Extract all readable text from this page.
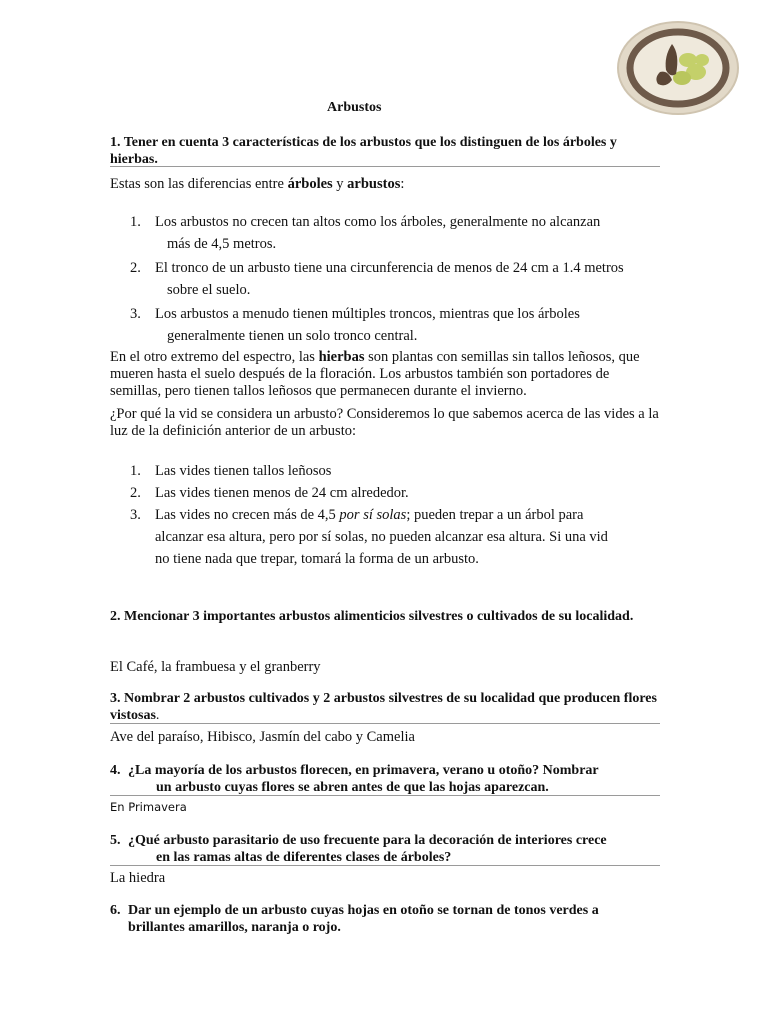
Arbustos
1. Tener en cuenta 3 características de los arbustos que los distinguen de los árboles y hierbas.
Estas son las diferencias entre árboles y arbustos:
1. Los arbustos no crecen tan altos como los árboles, generalmente no alcanzan
más de 4,5 metros.
2. El tronco de un arbusto tiene una circunferencia de menos de 24 cm a 1.4 metros
sobre el suelo.
3. Los arbustos a menudo tienen múltiples troncos, mientras que los árboles
generalmente tienen un solo tronco central.
En el otro extremo del espectro, las hierbas son plantas con semillas sin tallos leñosos, que mueren hasta el suelo después de la floración. Los arbustos también son portadores de semillas, pero tienen tallos leñosos que permanecen durante el invierno.
¿Por qué la vid se considera un arbusto? Consideremos lo que sabemos acerca de las vides a la luz de la definición anterior de un arbusto:
1. Las vides tienen tallos leñosos
2. Las vides tienen menos de 24 cm alrededor.
3. Las vides no crecen más de 4,5 por sí solas; pueden trepar a un árbol para
alcanzar esa altura, pero por sí solas, no pueden alcanzar esa altura. Si una vid
no tiene nada que trepar, tomará la forma de un arbusto.
2. Mencionar 3 importantes arbustos alimenticios silvestres o cultivados de su localidad.
El Café, la frambuesa y el granberry
3. Nombrar 2 arbustos cultivados y 2 arbustos silvestres de su localidad que producen flores vistosas.
Ave del paraíso, Hibisco, Jasmín del cabo y Camelia
4. ¿La mayoría de los arbustos florecen, en primavera, verano u otoño? Nombrar
un arbusto cuyas flores se abren antes de que las hojas aparezcan.
En Primavera
5. ¿Qué arbusto parasitario de uso frecuente para la decoración de interiores crece
en las ramas altas de diferentes clases de árboles?
La hiedra
6. Dar un ejemplo de un arbusto cuyas hojas en otoño se tornan de tonos verdes a
brillantes amarillos, naranja o rojo.
